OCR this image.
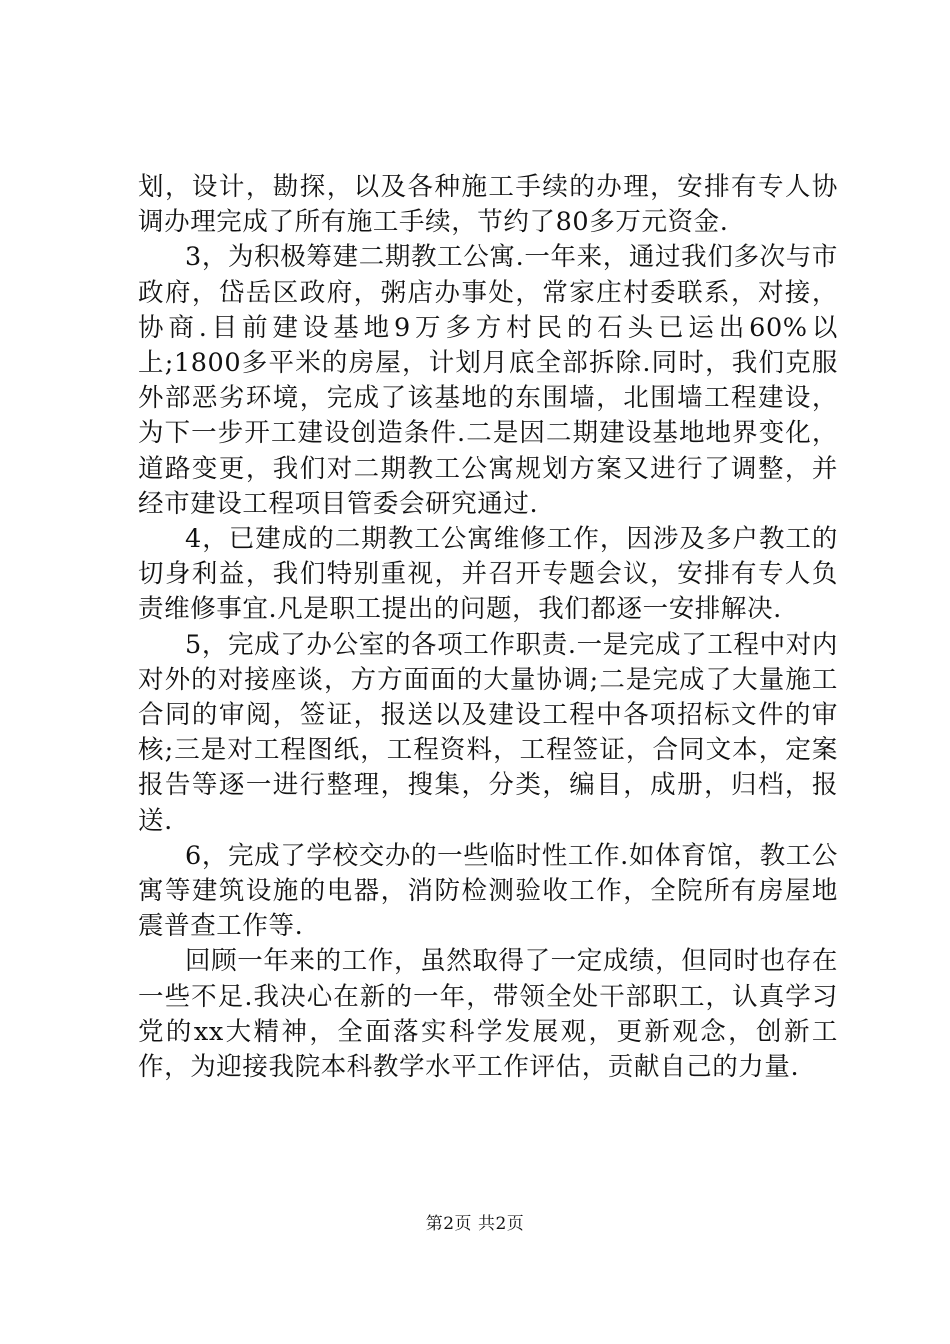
划，设计，勘探，以及各种施工手续的办理，安排有专人协调办理完成了所有施工手续，节约了80多万元资金.

3，为积极筹建二期教工公寓.一年来，通过我们多次与市政府，岱岳区政府，粥店办事处，常家庄村委联系，对接，协商.目前建设基地9万多方村民的石头已运出60%以上;1800多平米的房屋，计划月底全部拆除.同时，我们克服外部恶劣环境，完成了该基地的东围墙，北围墙工程建设，为下一步开工建设创造条件.二是因二期建设基地地界变化，道路变更，我们对二期教工公寓规划方案又进行了调整，并经市建设工程项目管委会研究通过.

4，已建成的二期教工公寓维修工作，因涉及多户教工的切身利益，我们特别重视，并召开专题会议，安排有专人负责维修事宜.凡是职工提出的问题，我们都逐一安排解决.

5，完成了办公室的各项工作职责.一是完成了工程中对内对外的对接座谈，方方面面的大量协调;二是完成了大量施工合同的审阅，签证，报送以及建设工程中各项招标文件的审核;三是对工程图纸，工程资料，工程签证，合同文本，定案报告等逐一进行整理，搜集，分类，编目，成册，归档，报送.

6，完成了学校交办的一些临时性工作.如体育馆，教工公寓等建筑设施的电器，消防检测验收工作，全院所有房屋地震普查工作等.

回顾一年来的工作，虽然取得了一定成绩，但同时也存在一些不足.我决心在新的一年，带领全处干部职工，认真学习党的xx大精神，全面落实科学发展观，更新观念，创新工作，为迎接我院本科教学水平工作评估，贡献自己的力量.

第2页 共2页
